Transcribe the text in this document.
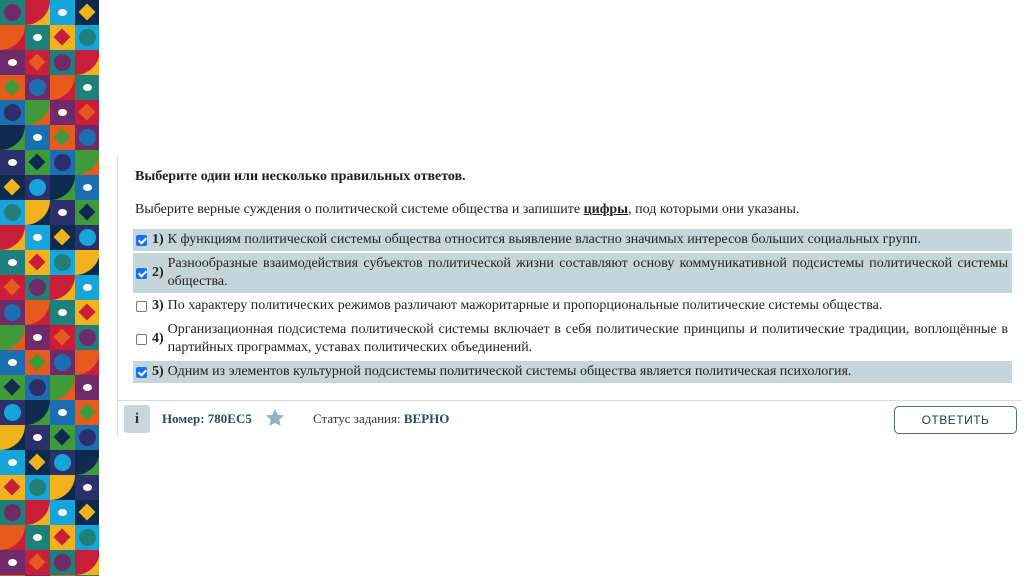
Выберите один или несколько правильных ответов.
Выберите верные суждения о политической системе общества и запишите цифры, под которыми они указаны.
1) К функциям политической системы общества относится выявление властно значимых интересов больших социальных групп.
2)
Разнообразные взаимодействия субъектов политической жизни составляют основу коммуникативной подсистемы политической системы общества.
3) По характеру политических режимов различают мажоритарные и пропорциональные политические системы общества.
4)
Организационная подсистема политической системы включает в себя политические принципы и политические традиции, воплощённые в партийных программах, уставах политических объединений.
5) Одним из элементов культурной подсистемы политической системы общества является политическая психология.
i	Номер: 780EC5	Статус задания: ВЕРНО	ОТВЕТИТЬ
